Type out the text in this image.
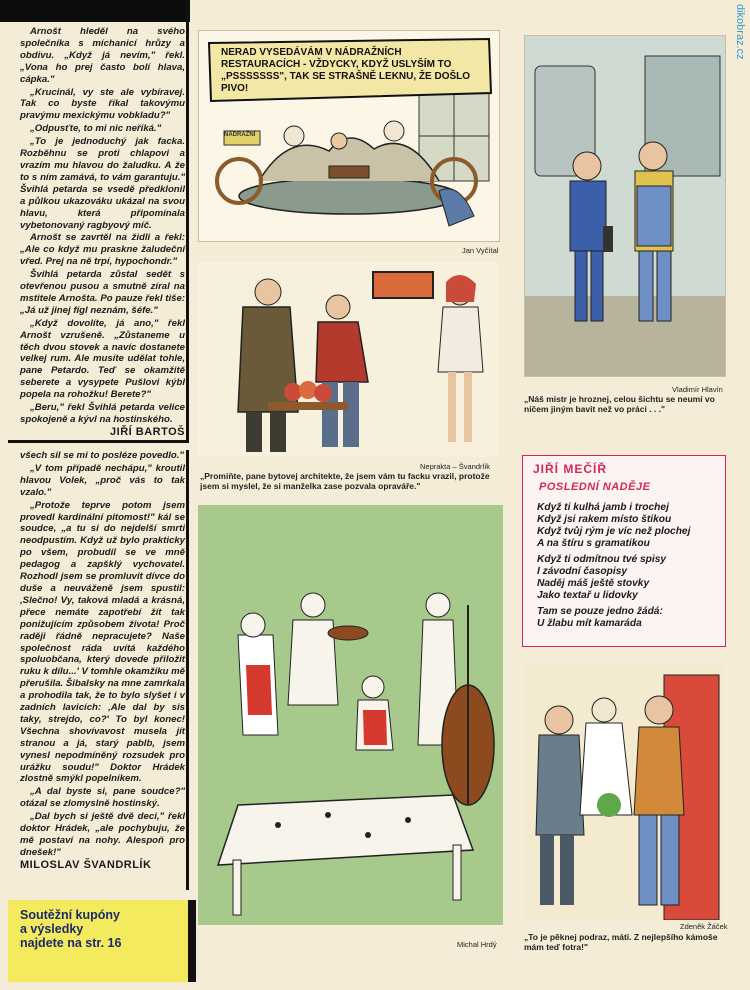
dikobraz.cz

Arnošt hleděl na svého společníka s míchanicí hrůzy a obdivu. „Když já nevím," řekl. „Vona ho prej často bolí hlava, cápka."

„Krucinál, vy ste ale vybíravej. Tak co byste říkal takovýmu pravýmu mexickýmu vobkladu?"

„Odpusťte, to mi nic neříká."

„To je jednoduchý jak facka. Rozběhnu se proti chlapovi a vrazím mu hlavou do žaludku. A že to s ním zamává, to vám garantuju." Švihlá petarda se vsedě předklonil a půlkou ukazováku ukázal na svou hlavu, která připomínala vybetonovaný ragbyový míč.

Arnošt se zavrtěl na židli a řekl: „Ale co když mu praskne žaludeční vřed. Prej na ně trpí, hypochondr."

Švihlá petarda zůstal sedět s otevřenou pusou a smutně zíral na mstitele Arnošta. Po pauze řekl tiše: „Já už jinej fígl neznám, šéfe."

„Když dovolíte, já ano," řekl Arnošt vzrušeně. „Zůstaneme u těch dvou stovek a navíc dostanete velkej rum. Ale musíte udělat tohle, pane Petardo. Teď se okamžitě seberete a vysypete Pušlovi kýbl popela na rohožku! Berete?"

„Beru," řekl Švihlá petarda velice spokojeně a kývl na hostinského.

JIŘÍ BARTOŠ

všech sil se mi to posléze povedlo."

„V tom případě nechápu," kroutil hlavou Volek, „proč vás to tak vzalo."

„Protože teprve potom jsem provedl kardinální pitomost!" kál se soudce, „a tu si do nejdelší smrti neodpustím. Když už bylo prakticky po všem, probudil se ve mně pedagog a zapšklý vychovatel. Rozhodl jsem se promluvit dívce do duše a neuváženě jsem spustil: ‚Slečno! Vy, taková mladá a krásná, přece nemáte zapotřebí žít tak ponižujícím způsobem života! Proč raději řádně nepracujete? Naše společnost ráda uvítá každého spoluobčana, který dovede přiložit ruku k dílu...' V tomhle okamžiku mě přerušila. Šibalsky na mne zamrkala a prohodila tak, že to bylo slyšet i v zadních lavicích: ‚Ale dal by sis taky, strejdo, co?' To byl konec! Všechna shovívavost musela jít stranou a já, starý pablb, jsem vynesl nepodmíněný rozsudek pro urážku soudu!" Doktor Hrádek zlostně smýkl popelníkem.

„A dal byste si, pane soudce?" otázal se zlomyslně hostinský.

„Dal bych si ještě dvě deci," řekl doktor Hrádek, „ale pochybuju, že mě postaví na nohy. Alespoň pro dnešek!"

MILOSLAV ŠVANDRLÍK
Soutěžní kupóny
a výsledky
najdete na str. 16
NERAD VYSEDÁVÁM V NÁDRAŽNÍCH RESTAURACÍCH - VŽDYCKY, KDYŽ USLYŠÍM TO „PSSSSSSS", TAK SE STRAŠNĚ LEKNU, ŽE DOŠLO PIVO!
NÁDRAŽNÍ
Jan Vyčítal
Vladimír Hlavín
„Náš mistr je hroznej, celou šichtu se neumí vo ničem jiným bavit než vo práci . . ."
Neprakta – Švandrlík
„Promiňte, pane bytovej architekte, že jsem vám tu facku vrazil, protože jsem si myslel, že si manželka zase pozvala opraváře."
JIŘÍ MEČÍŘ
POSLEDNÍ NADĚJE
Když ti kulhá jamb i trochej
Když jsi rakem místo štikou
Když tvůj rým je víc než plochej
A na štíru s gramatikou
Když ti odmítnou tvé spisy
I závodní časopisy
Naděj máš ještě stovky
Jako textař u lidovky
Tam se pouze jedno žádá:
U žlabu mít kamaráda
Michal Hrdý
Zdeněk Žáček
„To je pěknej podraz, máti. Z nejlepšího kámoše mám teď fotra!"
